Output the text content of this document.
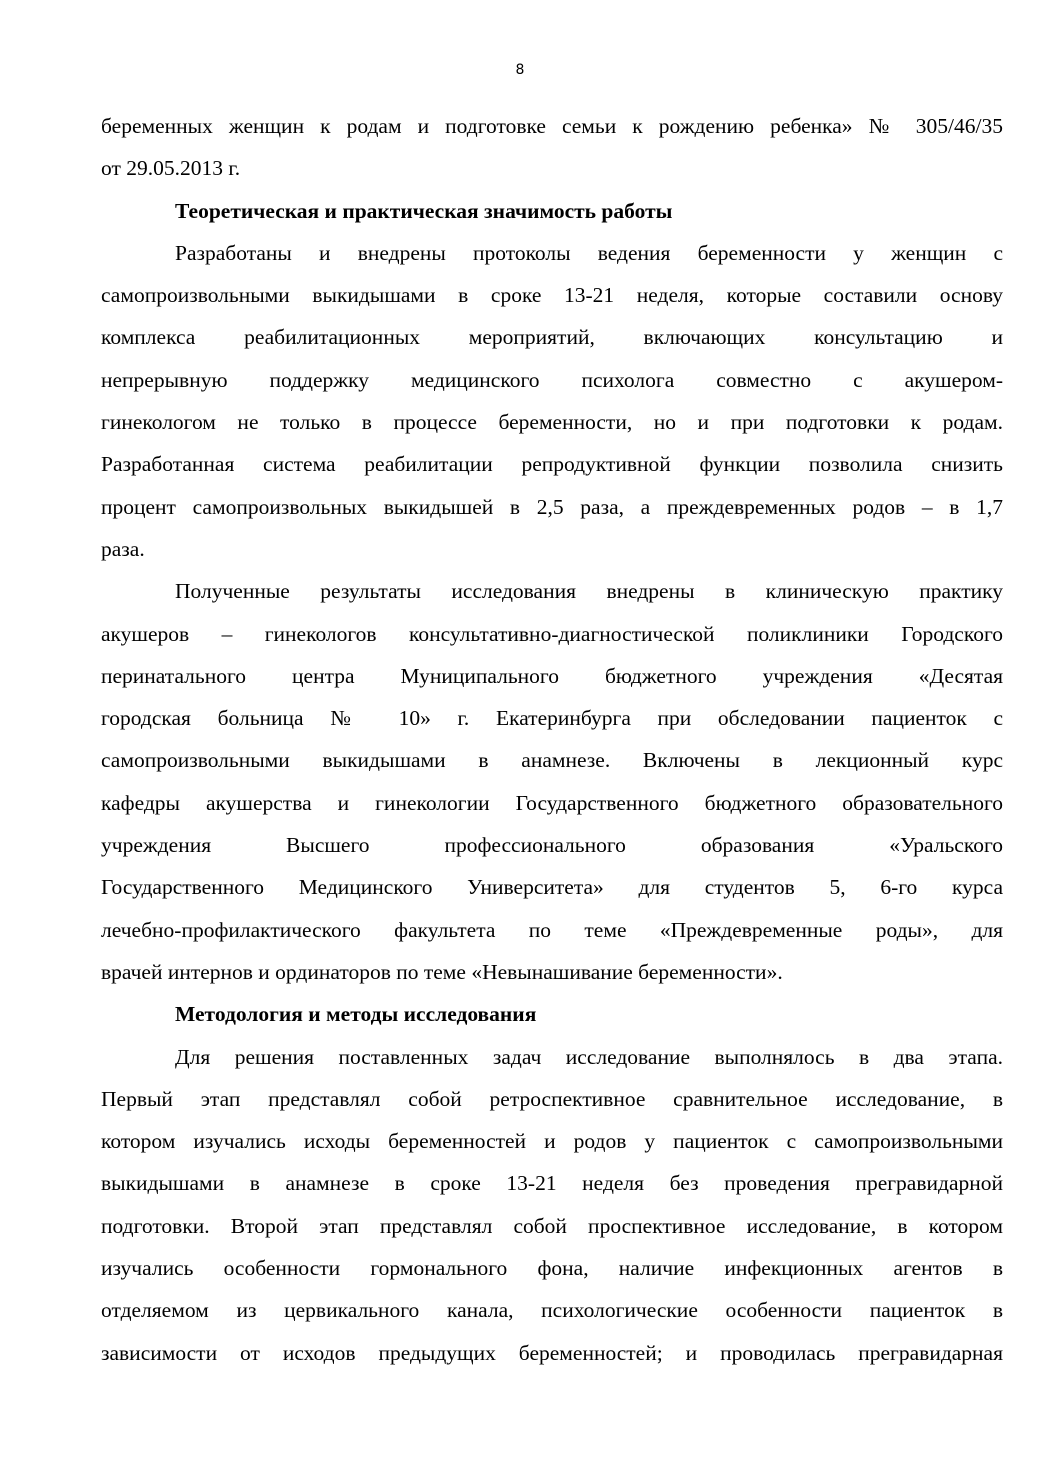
8
беременных женщин к родам и подготовке семьи к рождению ребенка» № 305/46/35
от 29.05.2013 г.
Теоретическая и практическая значимость работы
Разработаны и внедрены протоколы ведения беременности у женщин с
самопроизвольными выкидышами в сроке 13-21 неделя, которые составили основу
комплекса реабилитационных мероприятий, включающих консультацию и
непрерывную поддержку медицинского психолога совместно с акушером-
гинекологом не только в процессе беременности, но и при подготовки к родам.
Разработанная система реабилитации репродуктивной функции позволила снизить
процент самопроизвольных выкидышей в 2,5 раза, а преждевременных родов – в 1,7
раза.
Полученные результаты исследования внедрены в клиническую практику
акушеров – гинекологов консультативно-диагностической поликлиники Городского
перинатального центра Муниципального бюджетного учреждения «Десятая
городская больница № 10» г. Екатеринбурга при обследовании пациенток с
самопроизвольными выкидышами в анамнезе. Включены в лекционный курс
кафедры акушерства и гинекологии Государственного бюджетного образовательного
учреждения Высшего профессионального образования «Уральского
Государственного Медицинского Университета» для студентов 5, 6-го курса
лечебно-профилактического факультета по теме «Преждевременные роды», для
врачей интернов и ординаторов по теме «Невынашивание беременности».
Методология и методы исследования
Для решения поставленных задач исследование выполнялось в два этапа.
Первый этап представлял собой ретроспективное сравнительное исследование, в
котором изучались исходы беременностей и родов у пациенток с самопроизвольными
выкидышами в анамнезе в сроке 13-21 неделя без проведения прегравидарной
подготовки. Второй этап представлял собой проспективное исследование, в котором
изучались особенности гормонального фона, наличие инфекционных агентов в
отделяемом из цервикального канала, психологические особенности пациенток в
зависимости от исходов предыдущих беременностей; и проводилась прегравидарная
